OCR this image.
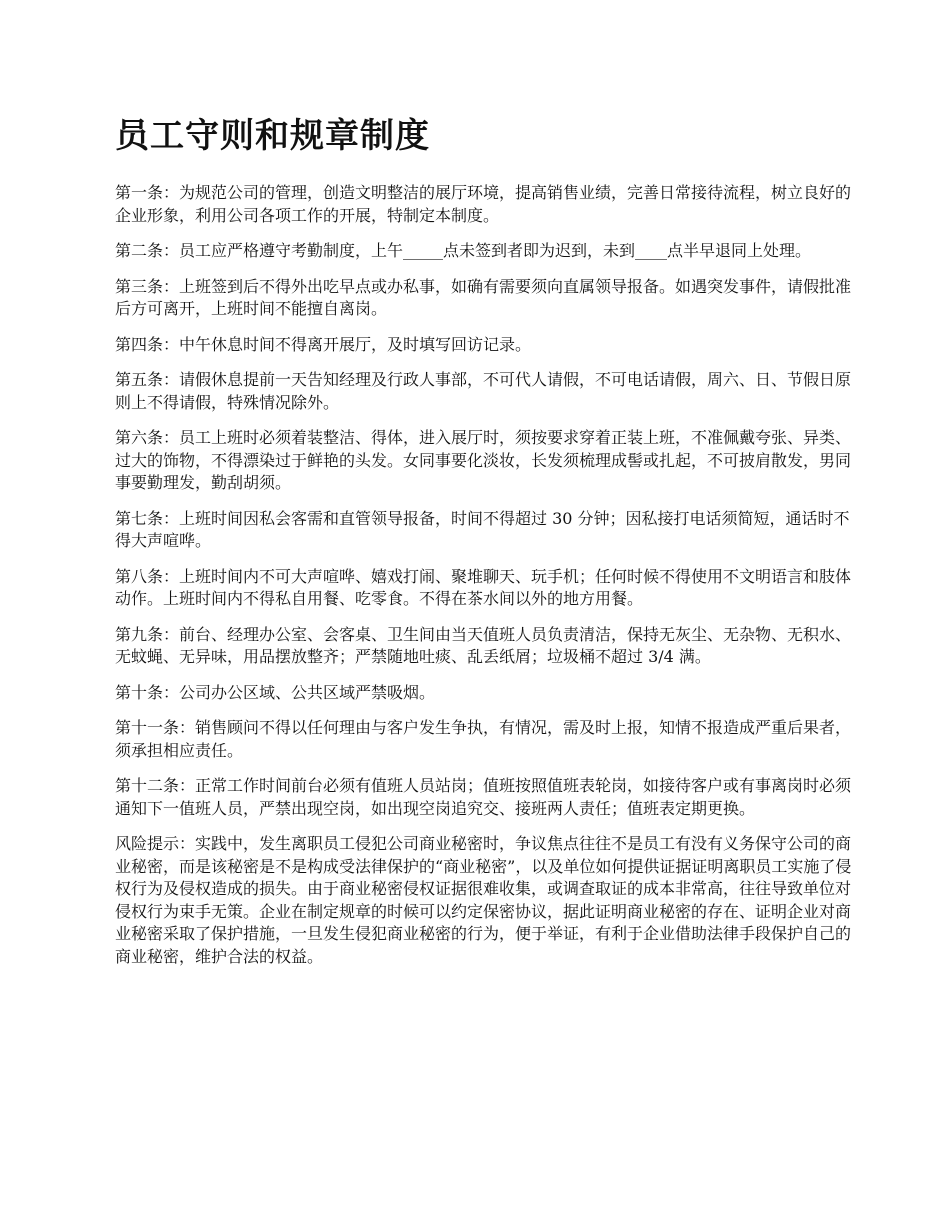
员工守则和规章制度

第一条：为规范公司的管理，创造文明整洁的展厅环境，提高销售业绩，完善日常接待流程，树立良好的企业形象，利用公司各项工作的开展，特制定本制度。

第二条：员工应严格遵守考勤制度，上午_____点未签到者即为迟到，未到____点半早退同上处理。

第三条：上班签到后不得外出吃早点或办私事，如确有需要须向直属领导报备。如遇突发事件，请假批准后方可离开，上班时间不能擅自离岗。

第四条：中午休息时间不得离开展厅，及时填写回访记录。

第五条：请假休息提前一天告知经理及行政人事部，不可代人请假，不可电话请假，周六、日、节假日原则上不得请假，特殊情况除外。

第六条：员工上班时必须着装整洁、得体，进入展厅时，须按要求穿着正装上班，不准佩戴夸张、异类、过大的饰物，不得漂染过于鲜艳的头发。女同事要化淡妆，长发须梳理成髻或扎起，不可披肩散发，男同事要勤理发，勤刮胡须。

第七条：上班时间因私会客需和直管领导报备，时间不得超过 30 分钟；因私接打电话须简短，通话时不得大声喧哗。

第八条：上班时间内不可大声喧哗、嬉戏打闹、聚堆聊天、玩手机；任何时候不得使用不文明语言和肢体动作。上班时间内不得私自用餐、吃零食。不得在茶水间以外的地方用餐。

第九条：前台、经理办公室、会客桌、卫生间由当天值班人员负责清洁，保持无灰尘、无杂物、无积水、无蚊蝇、无异味，用品摆放整齐；严禁随地吐痰、乱丢纸屑；垃圾桶不超过 3/4 满。

第十条：公司办公区域、公共区域严禁吸烟。

第十一条：销售顾问不得以任何理由与客户发生争执，有情况，需及时上报，知情不报造成严重后果者，须承担相应责任。

第十二条：正常工作时间前台必须有值班人员站岗；值班按照值班表轮岗，如接待客户或有事离岗时必须通知下一值班人员，严禁出现空岗，如出现空岗追究交、接班两人责任；值班表定期更换。

风险提示：实践中，发生离职员工侵犯公司商业秘密时，争议焦点往往不是员工有没有义务保守公司的商业秘密，而是该秘密是不是构成受法律保护的“商业秘密”，以及单位如何提供证据证明离职员工实施了侵权行为及侵权造成的损失。由于商业秘密侵权证据很难收集，或调查取证的成本非常高，往往导致单位对侵权行为束手无策。企业在制定规章的时候可以约定保密协议，据此证明商业秘密的存在、证明企业对商业秘密采取了保护措施，一旦发生侵犯商业秘密的行为，便于举证，有利于企业借助法律手段保护自己的商业秘密，维护合法的权益。
